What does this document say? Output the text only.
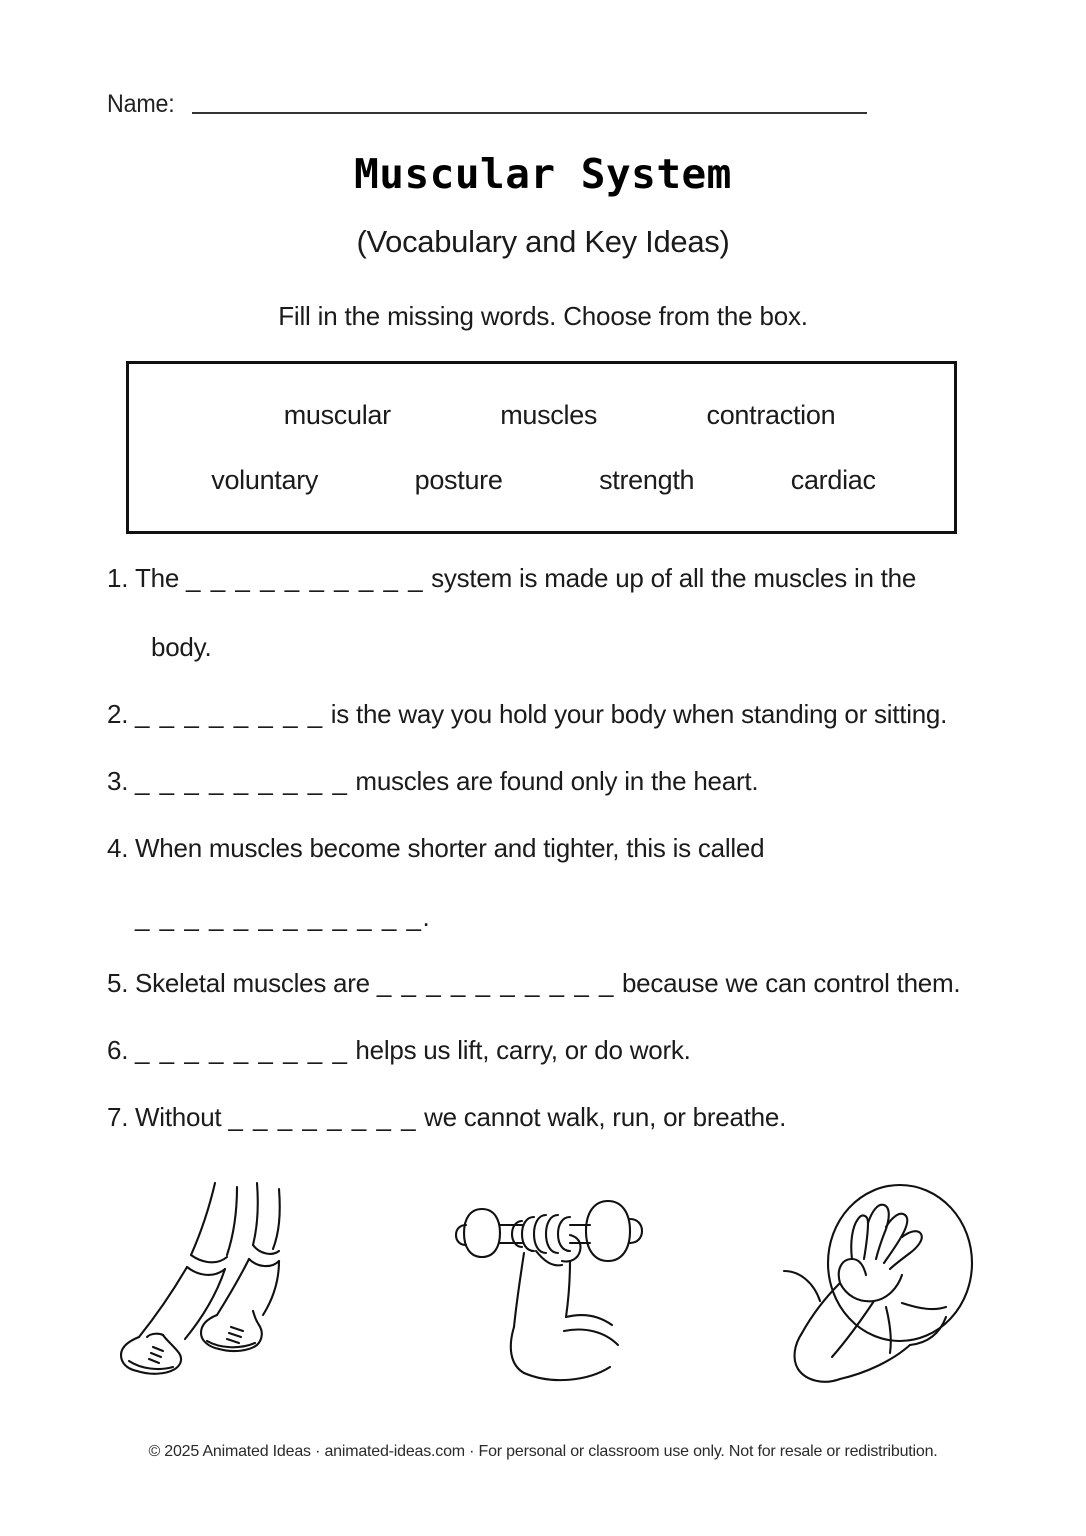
Name:
Muscular System
(Vocabulary and Key Ideas)
Fill in the missing words. Choose from the box.
muscular	muscles	contraction
voluntary	posture	strength	cardiac
1. The _ _ _ _ _ _ _ _ _ _ system is made up of all the muscles in the
body.
2. _ _ _ _ _ _ _ _ is the way you hold your body when standing or sitting.
3. _ _ _ _ _ _ _ _ _ muscles are found only in the heart.
4. When muscles become shorter and tighter, this is called
_ _ _ _ _ _ _ _ _ _ _ _.
5. Skeletal muscles are _ _ _ _ _ _ _ _ _ _ because we can control them.
6. _ _ _ _ _ _ _ _ _ helps us lift, carry, or do work.
7. Without _ _ _ _ _ _ _ _ we cannot walk, run, or breathe.
© 2025 Animated Ideas · animated-ideas.com · For personal or classroom use only. Not for resale or redistribution.
